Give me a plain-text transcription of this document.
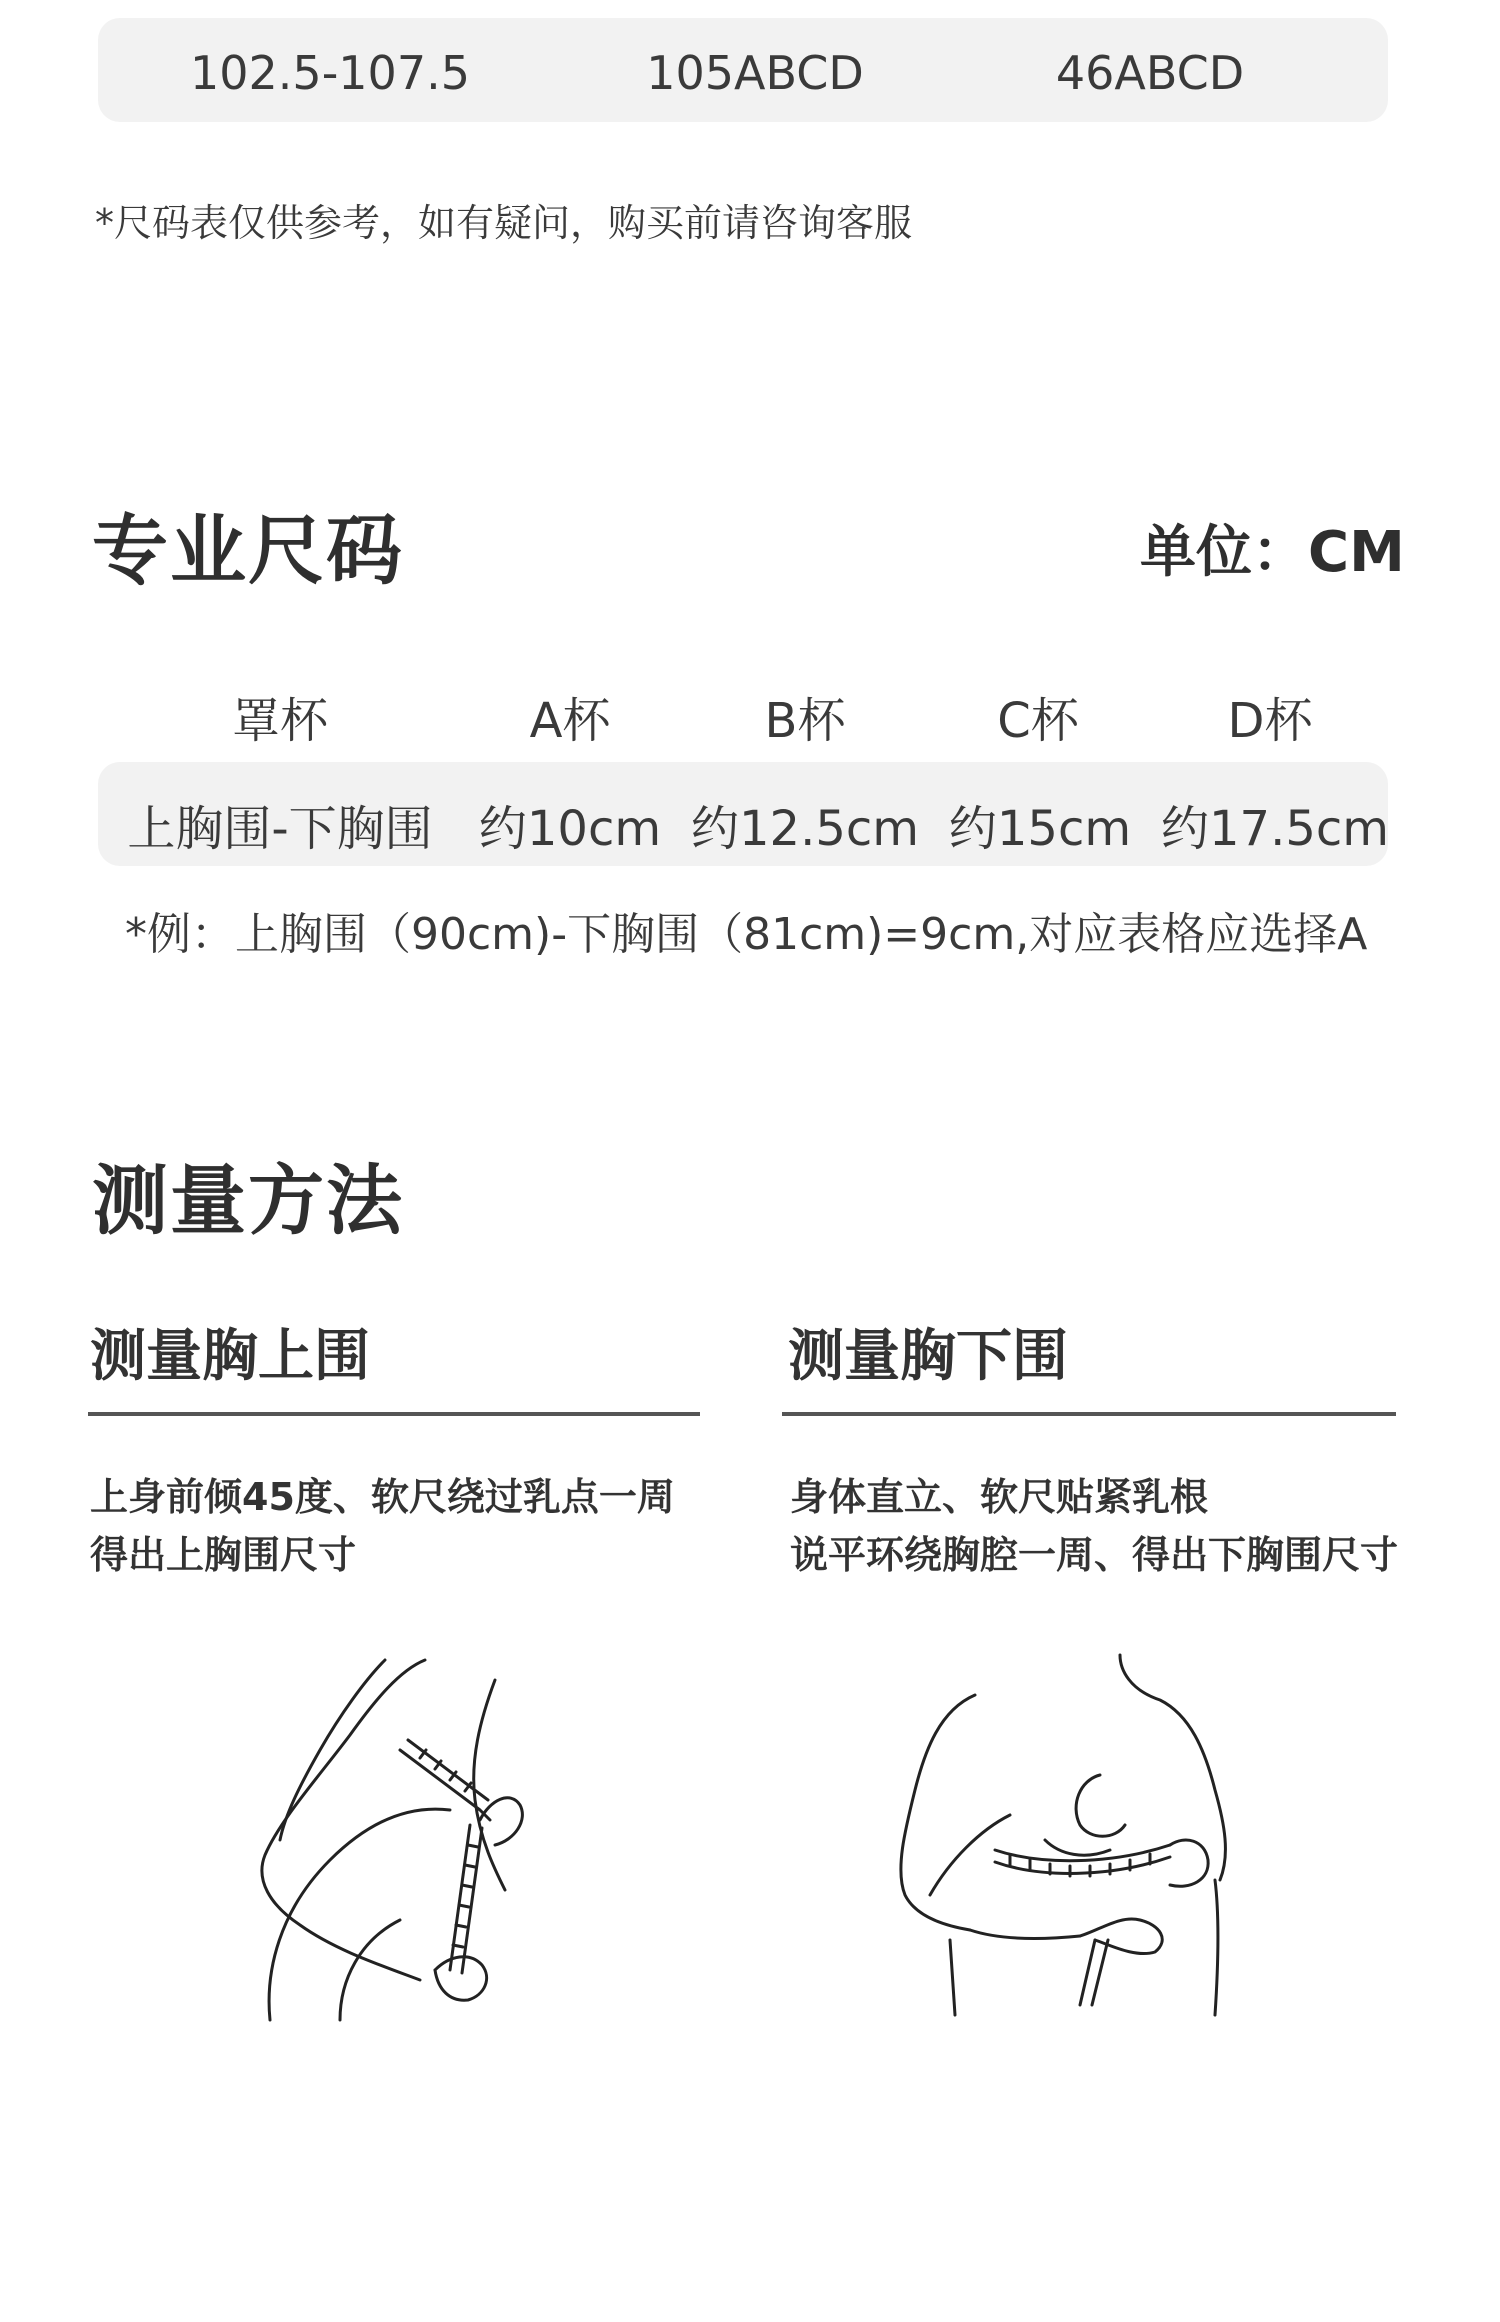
102.5-107.5	105ABCD	46ABCD
*尺码表仅供参考，如有疑问，购买前请咨询客服
专业尺码	单位：CM
罩杯	A杯	B杯	C杯	D杯
上胸围-下胸围 约10cm 约12.5cm 约15cm 约17.5cm
*例：上胸围（90cm)-下胸围（81cm)=9cm,对应表格应选择A
测量方法
测量胸上围
上身前倾45度、软尺绕过乳点一周
得出上胸围尺寸
测量胸下围
身体直立、软尺贴紧乳根
说平环绕胸腔一周、得出下胸围尺寸
